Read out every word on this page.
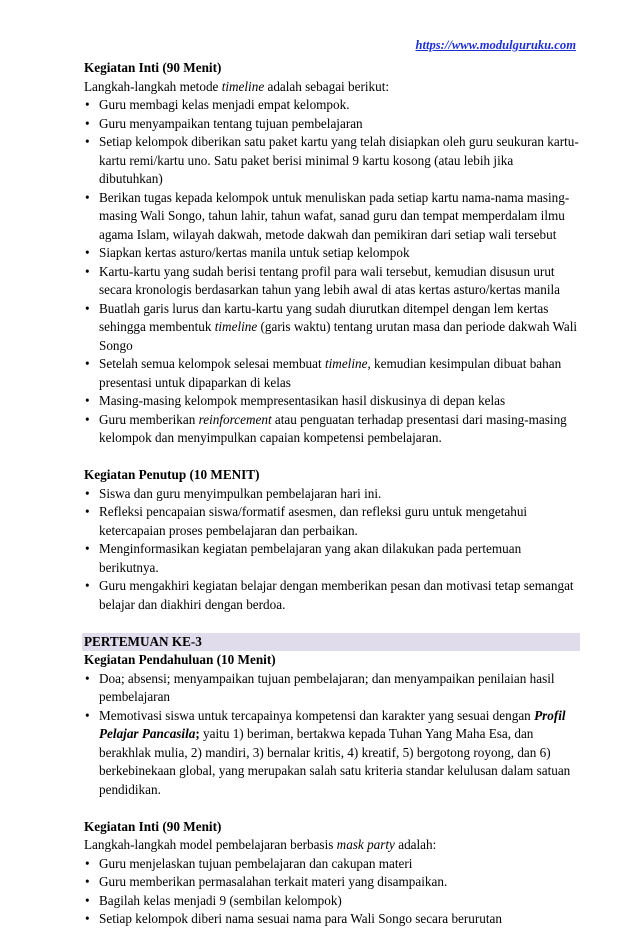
https://www.modulguruku.com
Kegiatan Inti (90 Menit)
Langkah-langkah metode timeline adalah sebagai berikut:
• Guru membagi kelas menjadi empat kelompok.
• Guru menyampaikan tentang tujuan pembelajaran
• Setiap kelompok diberikan satu paket kartu yang telah disiapkan oleh guru seukuran kartu-kartu remi/kartu uno. Satu paket berisi minimal 9 kartu kosong (atau lebih jika dibutuhkan)
• Berikan tugas kepada kelompok untuk menuliskan pada setiap kartu nama-nama masing-masing Wali Songo, tahun lahir, tahun wafat, sanad guru dan tempat memperdalam ilmu agama Islam, wilayah dakwah, metode dakwah dan pemikiran dari setiap wali tersebut
• Siapkan kertas asturo/kertas manila untuk setiap kelompok
• Kartu-kartu yang sudah berisi tentang profil para wali tersebut, kemudian disusun urut secara kronologis berdasarkan tahun yang lebih awal di atas kertas asturo/kertas manila
• Buatlah garis lurus dan kartu-kartu yang sudah diurutkan ditempel dengan lem kertas sehingga membentuk timeline (garis waktu) tentang urutan masa dan periode dakwah Wali Songo
• Setelah semua kelompok selesai membuat timeline, kemudian kesimpulan dibuat bahan presentasi untuk dipaparkan di kelas
• Masing-masing kelompok mempresentasikan hasil diskusinya di depan kelas
• Guru memberikan reinforcement atau penguatan terhadap presentasi dari masing-masing kelompok dan menyimpulkan capaian kompetensi pembelajaran.
Kegiatan Penutup (10 MENIT)
• Siswa dan guru menyimpulkan pembelajaran hari ini.
• Refleksi pencapaian siswa/formatif asesmen, dan refleksi guru untuk mengetahui ketercapaian proses pembelajaran dan perbaikan.
• Menginformasikan kegiatan pembelajaran yang akan dilakukan pada pertemuan berikutnya.
• Guru mengakhiri kegiatan belajar dengan memberikan pesan dan motivasi tetap semangat belajar dan diakhiri dengan berdoa.
PERTEMUAN KE-3
Kegiatan Pendahuluan (10 Menit)
• Doa; absensi; menyampaikan tujuan pembelajaran; dan menyampaikan penilaian hasil pembelajaran
• Memotivasi siswa untuk tercapainya kompetensi dan karakter yang sesuai dengan Profil Pelajar Pancasila; yaitu 1) beriman, bertakwa kepada Tuhan Yang Maha Esa, dan berakhlak mulia, 2) mandiri, 3) bernalar kritis, 4) kreatif, 5) bergotong royong, dan 6) berkebinekaan global, yang merupakan salah satu kriteria standar kelulusan dalam satuan pendidikan.
Kegiatan Inti (90 Menit)
Langkah-langkah model pembelajaran berbasis mask party adalah:
• Guru menjelaskan tujuan pembelajaran dan cakupan materi
• Guru memberikan permasalahan terkait materi yang disampaikan.
• Bagilah kelas menjadi 9 (sembilan kelompok)
• Setiap kelompok diberi nama sesuai nama para Wali Songo secara berurutan
